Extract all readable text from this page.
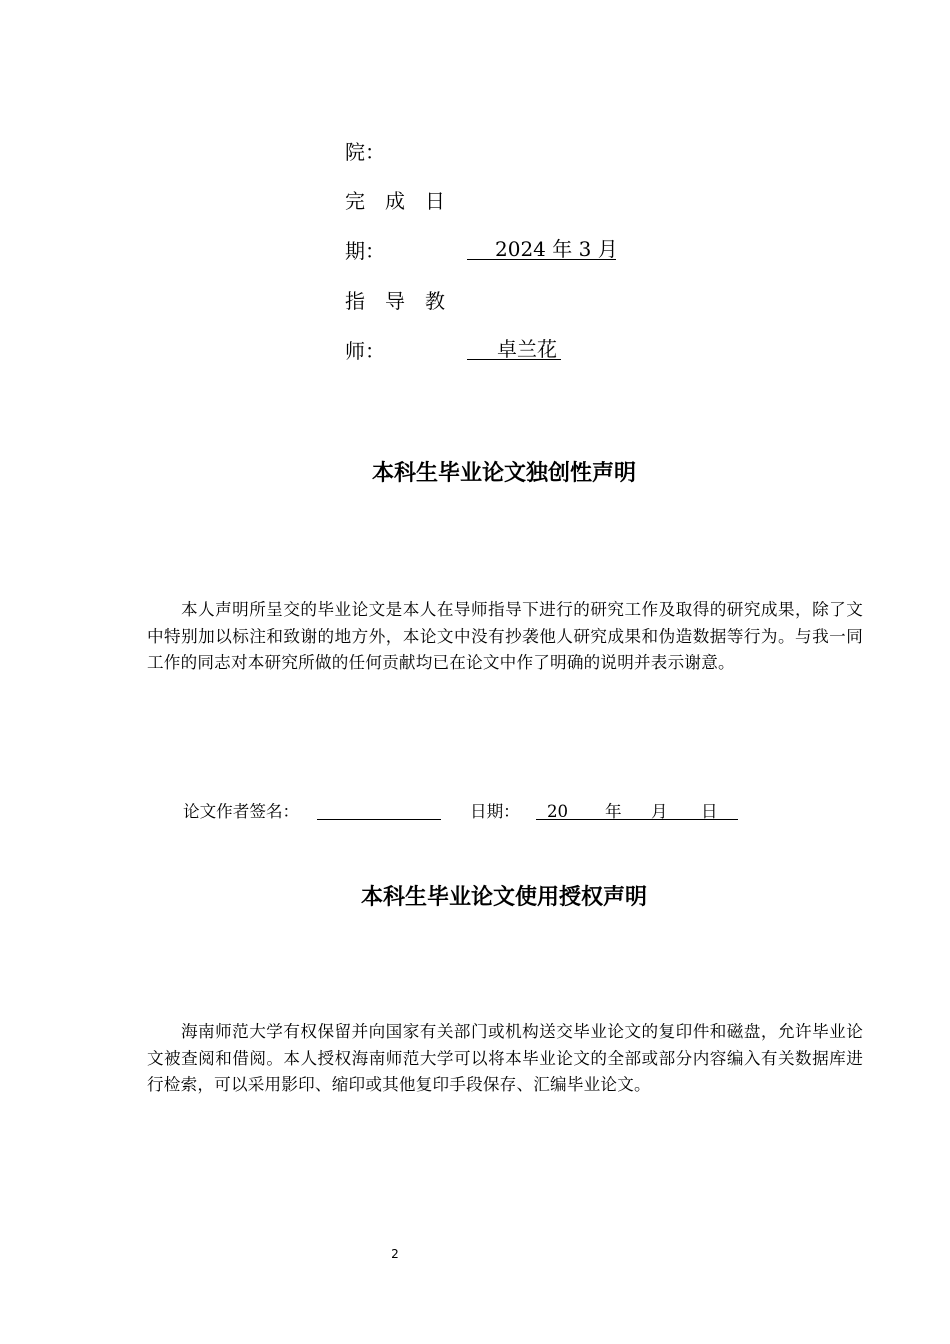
院：
完　成　日
期：	2024 年 3 月
指　导　教
师：	卓兰花
本科生毕业论文独创性声明
本人声明所呈交的毕业论文是本人在导师指导下进行的研究工作及取得的研究成果，除了文中特别加以标注和致谢的地方外，本论文中没有抄袭他人研究成果和伪造数据等行为。与我一同工作的同志对本研究所做的任何贡献均已在论文中作了明确的说明并表示谢意。
论文作者签名：	日期： 20 年 月 日
本科生毕业论文使用授权声明
海南师范大学有权保留并向国家有关部门或机构送交毕业论文的复印件和磁盘，允许毕业论文被查阅和借阅。本人授权海南师范大学可以将本毕业论文的全部或部分内容编入有关数据库进行检索，可以采用影印、缩印或其他复印手段保存、汇编毕业论文。
2
